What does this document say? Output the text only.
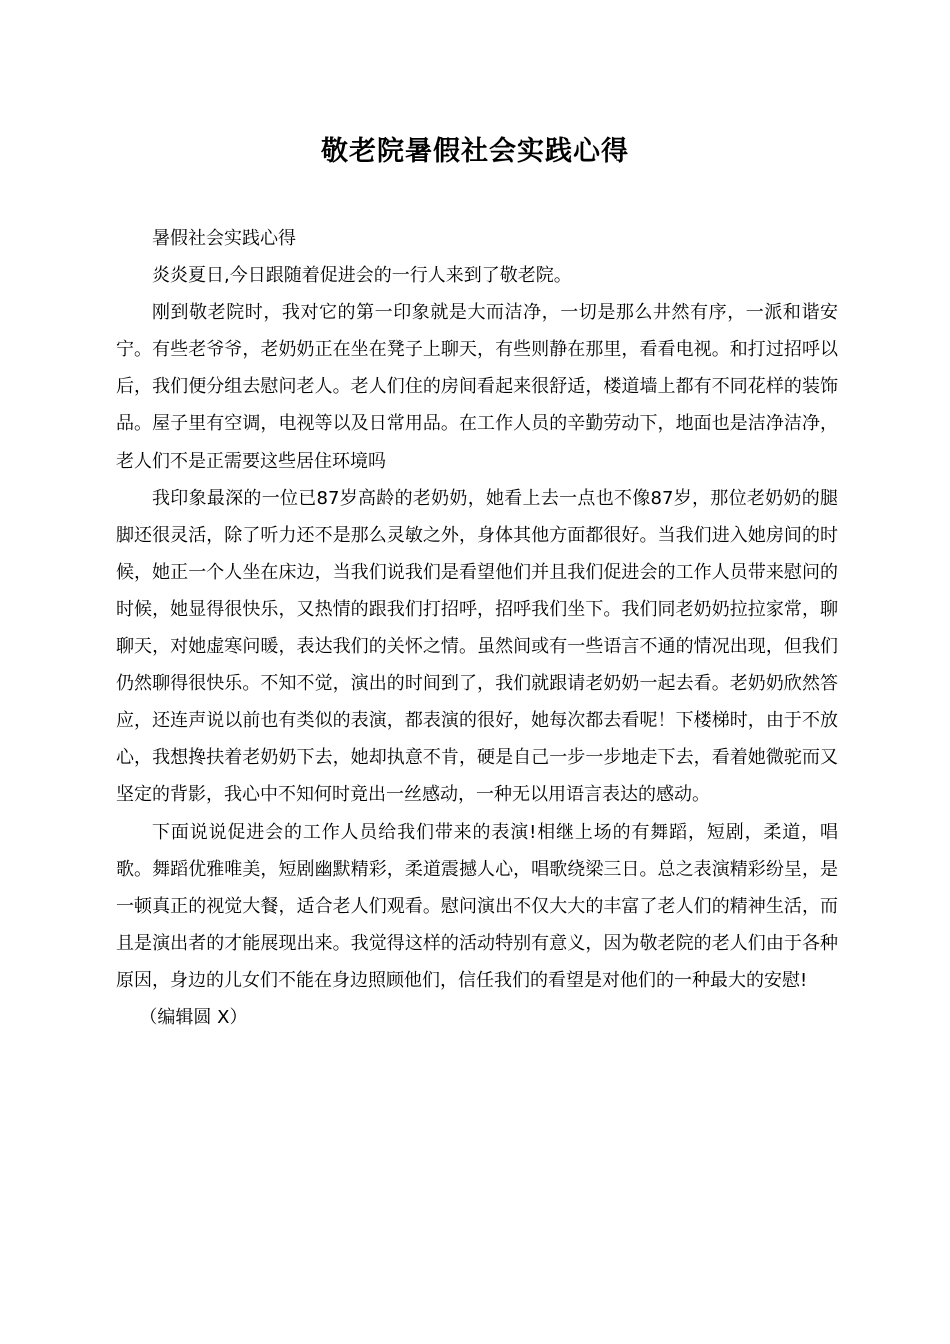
敬老院暑假社会实践心得

暑假社会实践心得

炎炎夏日,今日跟随着促进会的一行人来到了敬老院。

刚到敬老院时，我对它的第一印象就是大而洁净，一切是那么井然有序，一派和谐安宁。有些老爷爷，老奶奶正在坐在凳子上聊天，有些则静在那里，看看电视。和打过招呼以后，我们便分组去慰问老人。老人们住的房间看起来很舒适，楼道墙上都有不同花样的装饰品。屋子里有空调，电视等以及日常用品。在工作人员的辛勤劳动下，地面也是洁净洁净，老人们不是正需要这些居住环境吗

我印象最深的一位已87岁高龄的老奶奶，她看上去一点也不像87岁，那位老奶奶的腿脚还很灵活，除了听力还不是那么灵敏之外，身体其他方面都很好。当我们进入她房间的时候，她正一个人坐在床边，当我们说我们是看望他们并且我们促进会的工作人员带来慰问的时候，她显得很快乐，又热情的跟我们打招呼，招呼我们坐下。我们同老奶奶拉拉家常，聊聊天，对她虚寒问暖，表达我们的关怀之情。虽然间或有一些语言不通的情况出现，但我们仍然聊得很快乐。不知不觉，演出的时间到了，我们就跟请老奶奶一起去看。老奶奶欣然答应，还连声说以前也有类似的表演，都表演的很好，她每次都去看呢！下楼梯时，由于不放心，我想搀扶着老奶奶下去，她却执意不肯，硬是自己一步一步地走下去，看着她微驼而又坚定的背影，我心中不知何时竟出一丝感动，一种无以用语言表达的感动。

下面说说促进会的工作人员给我们带来的表演!相继上场的有舞蹈，短剧，柔道，唱歌。舞蹈优雅唯美，短剧幽默精彩，柔道震撼人心，唱歌绕梁三日。总之表演精彩纷呈，是一顿真正的视觉大餐，适合老人们观看。慰问演出不仅大大的丰富了老人们的精神生活，而且是演出者的才能展现出来。我觉得这样的活动特别有意义，因为敬老院的老人们由于各种原因，身边的儿女们不能在身边照顾他们，信任我们的看望是对他们的一种最大的安慰!

（编辑圆 X）
